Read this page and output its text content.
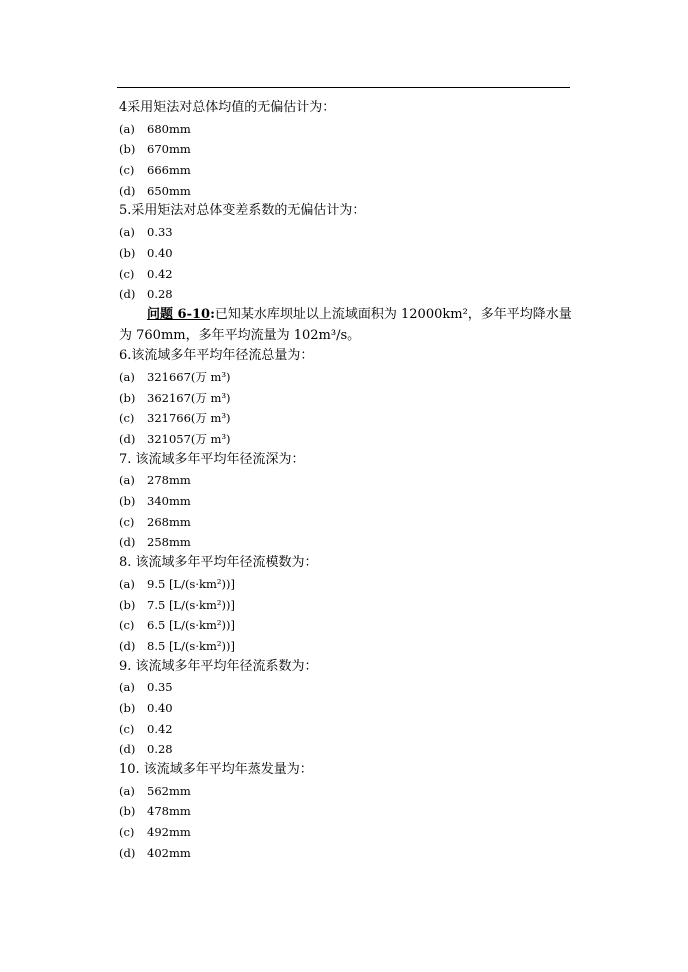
4采用矩法对总体均值的无偏估计为：
(a) 680mm
(b) 670mm
(c) 666mm
(d) 650mm
5.采用矩法对总体变差系数的无偏估计为：
(a) 0.33
(b) 0.40
(c) 0.42
(d) 0.28
问题 6-10:已知某水库坝址以上流域面积为 12000km²，多年平均降水量为 760mm，多年平均流量为 102m³/s。
6.该流域多年平均年径流总量为：
(a) 321667(万 m³)
(b) 362167(万 m³)
(c) 321766(万 m³)
(d) 321057(万 m³)
7. 该流域多年平均年径流深为：
(a) 278mm
(b) 340mm
(c) 268mm
(d) 258mm
8. 该流域多年平均年径流模数为：
(a) 9.5 [L/(s·km²))]
(b) 7.5 [L/(s·km²))]
(c) 6.5 [L/(s·km²))]
(d) 8.5 [L/(s·km²))]
9. 该流域多年平均年径流系数为：
(a) 0.35
(b) 0.40
(c) 0.42
(d) 0.28
10. 该流域多年平均年蒸发量为：
(a) 562mm
(b) 478mm
(c) 492mm
(d) 402mm
